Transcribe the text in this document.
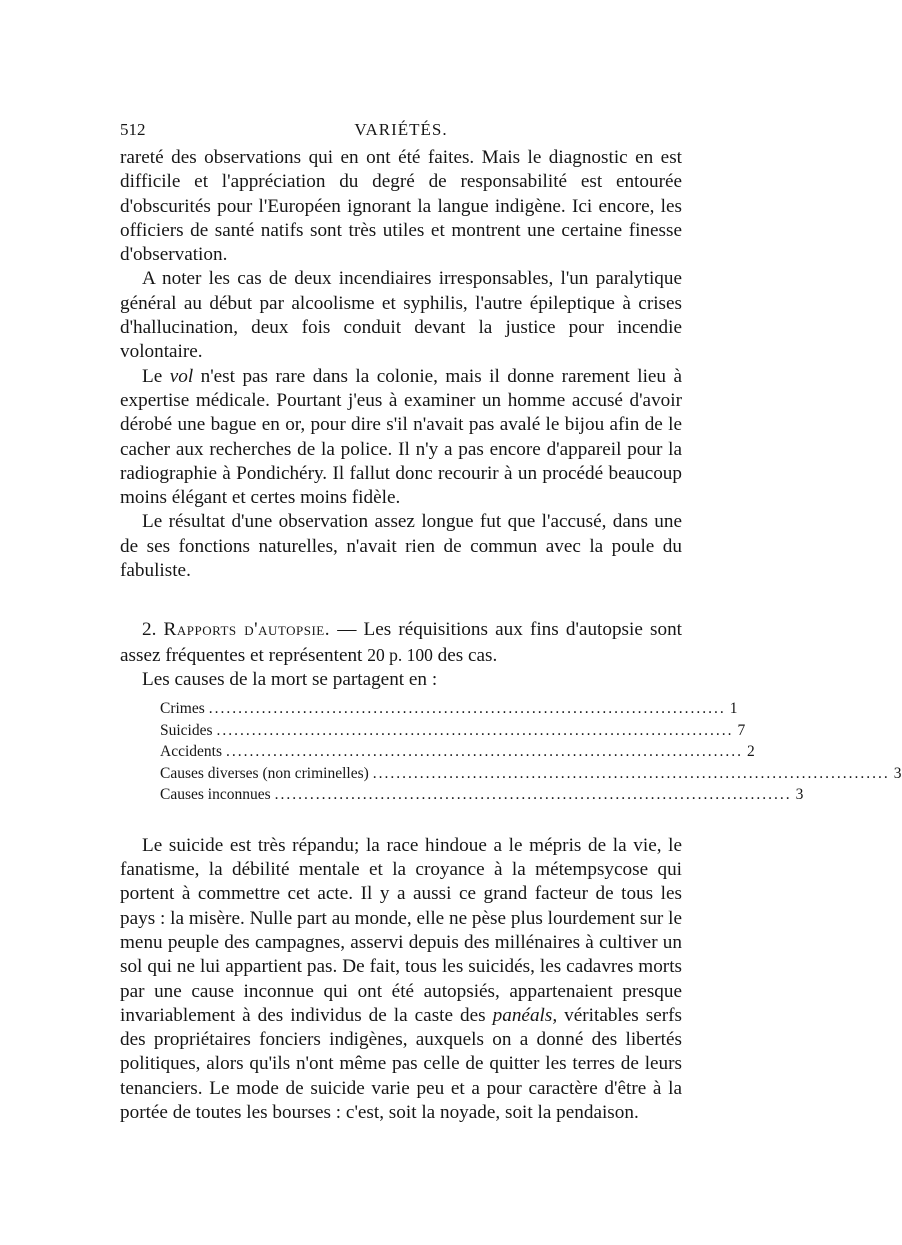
512	VARIÉTÉS.

rareté des observations qui en ont été faites. Mais le diagnostic en est difficile et l'appréciation du degré de responsabilité est entourée d'obscurités pour l'Européen ignorant la langue indigène. Ici encore, les officiers de santé natifs sont très utiles et montrent une certaine finesse d'observation.

A noter les cas de deux incendiaires irresponsables, l'un paralytique général au début par alcoolisme et syphilis, l'autre épileptique à crises d'hallucination, deux fois conduit devant la justice pour incendie volontaire.

Le vol n'est pas rare dans la colonie, mais il donne rarement lieu à expertise médicale. Pourtant j'eus à examiner un homme accusé d'avoir dérobé une bague en or, pour dire s'il n'avait pas avalé le bijou afin de le cacher aux recherches de la police. Il n'y a pas encore d'appareil pour la radiographie à Pondichéry. Il fallut donc recourir à un procédé beaucoup moins élégant et certes moins fidèle.

Le résultat d'une observation assez longue fut que l'accusé, dans une de ses fonctions naturelles, n'avait rien de commun avec la poule du fabuliste.

2. Rapports d'autopsie. — Les réquisitions aux fins d'autopsie sont assez fréquentes et représentent 20 p. 100 des cas.

Les causes de la mort se partagent en :

Crimes ........................................................................................ 1
Suicides ........................................................................................ 7
Accidents ........................................................................................ 2
Causes diverses (non criminelles) ........................................................................................ 3
Causes inconnues ........................................................................................ 3

Le suicide est très répandu; la race hindoue a le mépris de la vie, le fanatisme, la débilité mentale et la croyance à la métempsycose qui portent à commettre cet acte. Il y a aussi ce grand facteur de tous les pays : la misère. Nulle part au monde, elle ne pèse plus lourdement sur le menu peuple des campagnes, asservi depuis des millénaires à cultiver un sol qui ne lui appartient pas. De fait, tous les suicidés, les cadavres morts par une cause inconnue qui ont été autopsiés, appartenaient presque invariablement à des individus de la caste des panéals, véritables serfs des propriétaires fonciers indigènes, auxquels on a donné des libertés politiques, alors qu'ils n'ont même pas celle de quitter les terres de leurs tenanciers. Le mode de suicide varie peu et a pour caractère d'être à la portée de toutes les bourses : c'est, soit la noyade, soit la pendaison.
